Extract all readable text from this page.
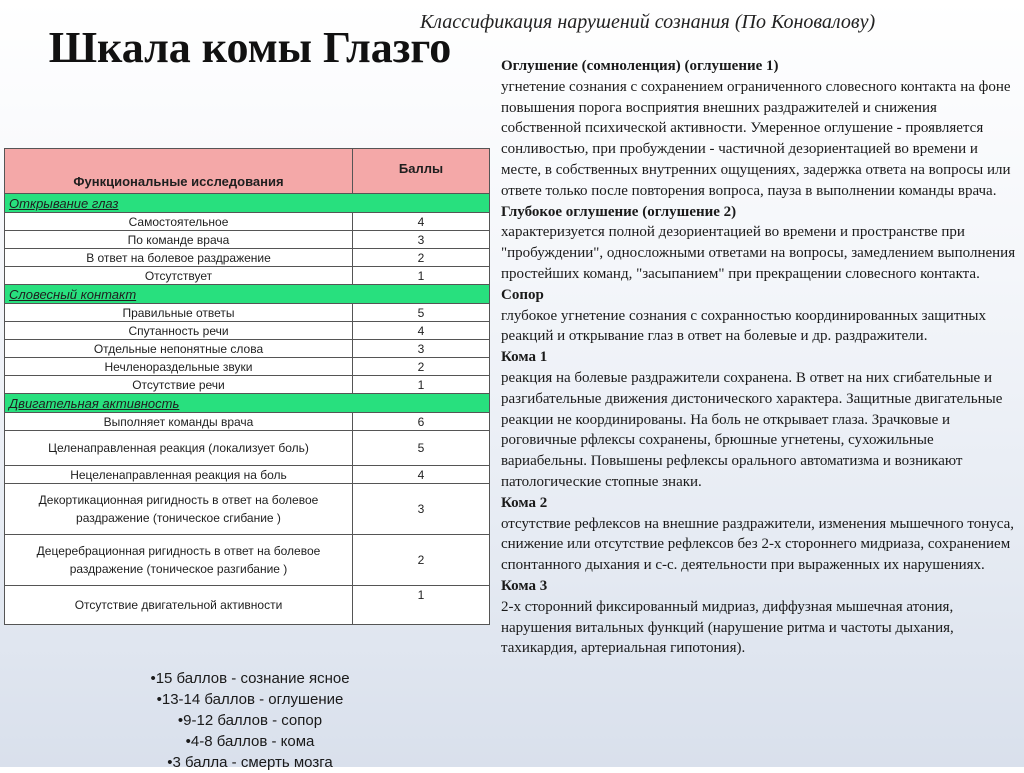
Шкала комы Глазго
Классификация нарушений сознания (По Коновалову)
Функциональные исследования	Баллы
Открывание глаз	
Самостоятельное	4
По команде врача	3
В ответ на болевое раздражение	2
Отсутствует	1
Словесный контакт	
Правильные ответы	5
Спутанность речи	4
Отдельные непонятные слова	3
Нечленораздельные звуки	2
Отсутствие речи	1
Двигательная активность	
Выполняет команды врача	6
Целенаправленная реакция (локализует боль)	5
Нецеленаправленная реакция на боль	4
Декортикационная ригидность в ответ на болевое раздражение (тоническое сгибание )	3
Децеребрационная ригидность в ответ на болевое раздражение (тоническое разгибание )	2
Отсутствие двигательной активности	1
•15 баллов - сознание ясное
•13-14 баллов - оглушение
•9-12 баллов - сопор
•4-8 баллов - кома
•3 балла - смерть мозга
Оглушение (сомноленция) (оглушение 1)

угнетение сознания с сохранением ограниченного словесного контакта на фоне повышения порога восприятия внешних раздражителей и снижения собственной психической активности. Умеренное оглушение - проявляется сонливостью, при пробуждении - частичной дезориентацией во времени и месте, в собственных внутренних ощущениях, задержка ответа на вопросы или ответе только после повторения вопроса, пауза в выполнении команды врача.

Глубокое оглушение (оглушение 2)

характеризуется полной дезориентацией во времени и пространстве при "пробуждении", односложными ответами на вопросы, замедлением выполнения простейших команд, "засыпанием" при прекращении словесного контакта.

Сопор

глубокое угнетение сознания с сохранностью координированных защитных реакций и открывание глаз в ответ на болевые и др. раздражители.

Кома 1

реакция на болевые раздражители сохранена. В ответ на них сгибательные и разгибательные движения дистонического характера. Защитные двигательные реакции не координированы. На боль не открывает глаза. Зрачковые и роговичные рфлексы сохранены, брюшные угнетены, сухожильные вариабельны. Повышены рефлексы орального автоматизма и возникают патологические стопные знаки.

Кома 2

отсутствие рефлексов на внешние раздражители, изменения мышечного тонуса, снижение или отсутствие рефлексов без 2-х стороннего мидриаза, сохранением спонтанного дыхания и с-с. деятельности при выраженных их нарушениях.

Кома 3

2-х сторонний фиксированный мидриаз, диффузная мышечная атония, нарушения витальных функций (нарушение ритма и частоты дыхания, тахикардия, артериальная гипотония).
